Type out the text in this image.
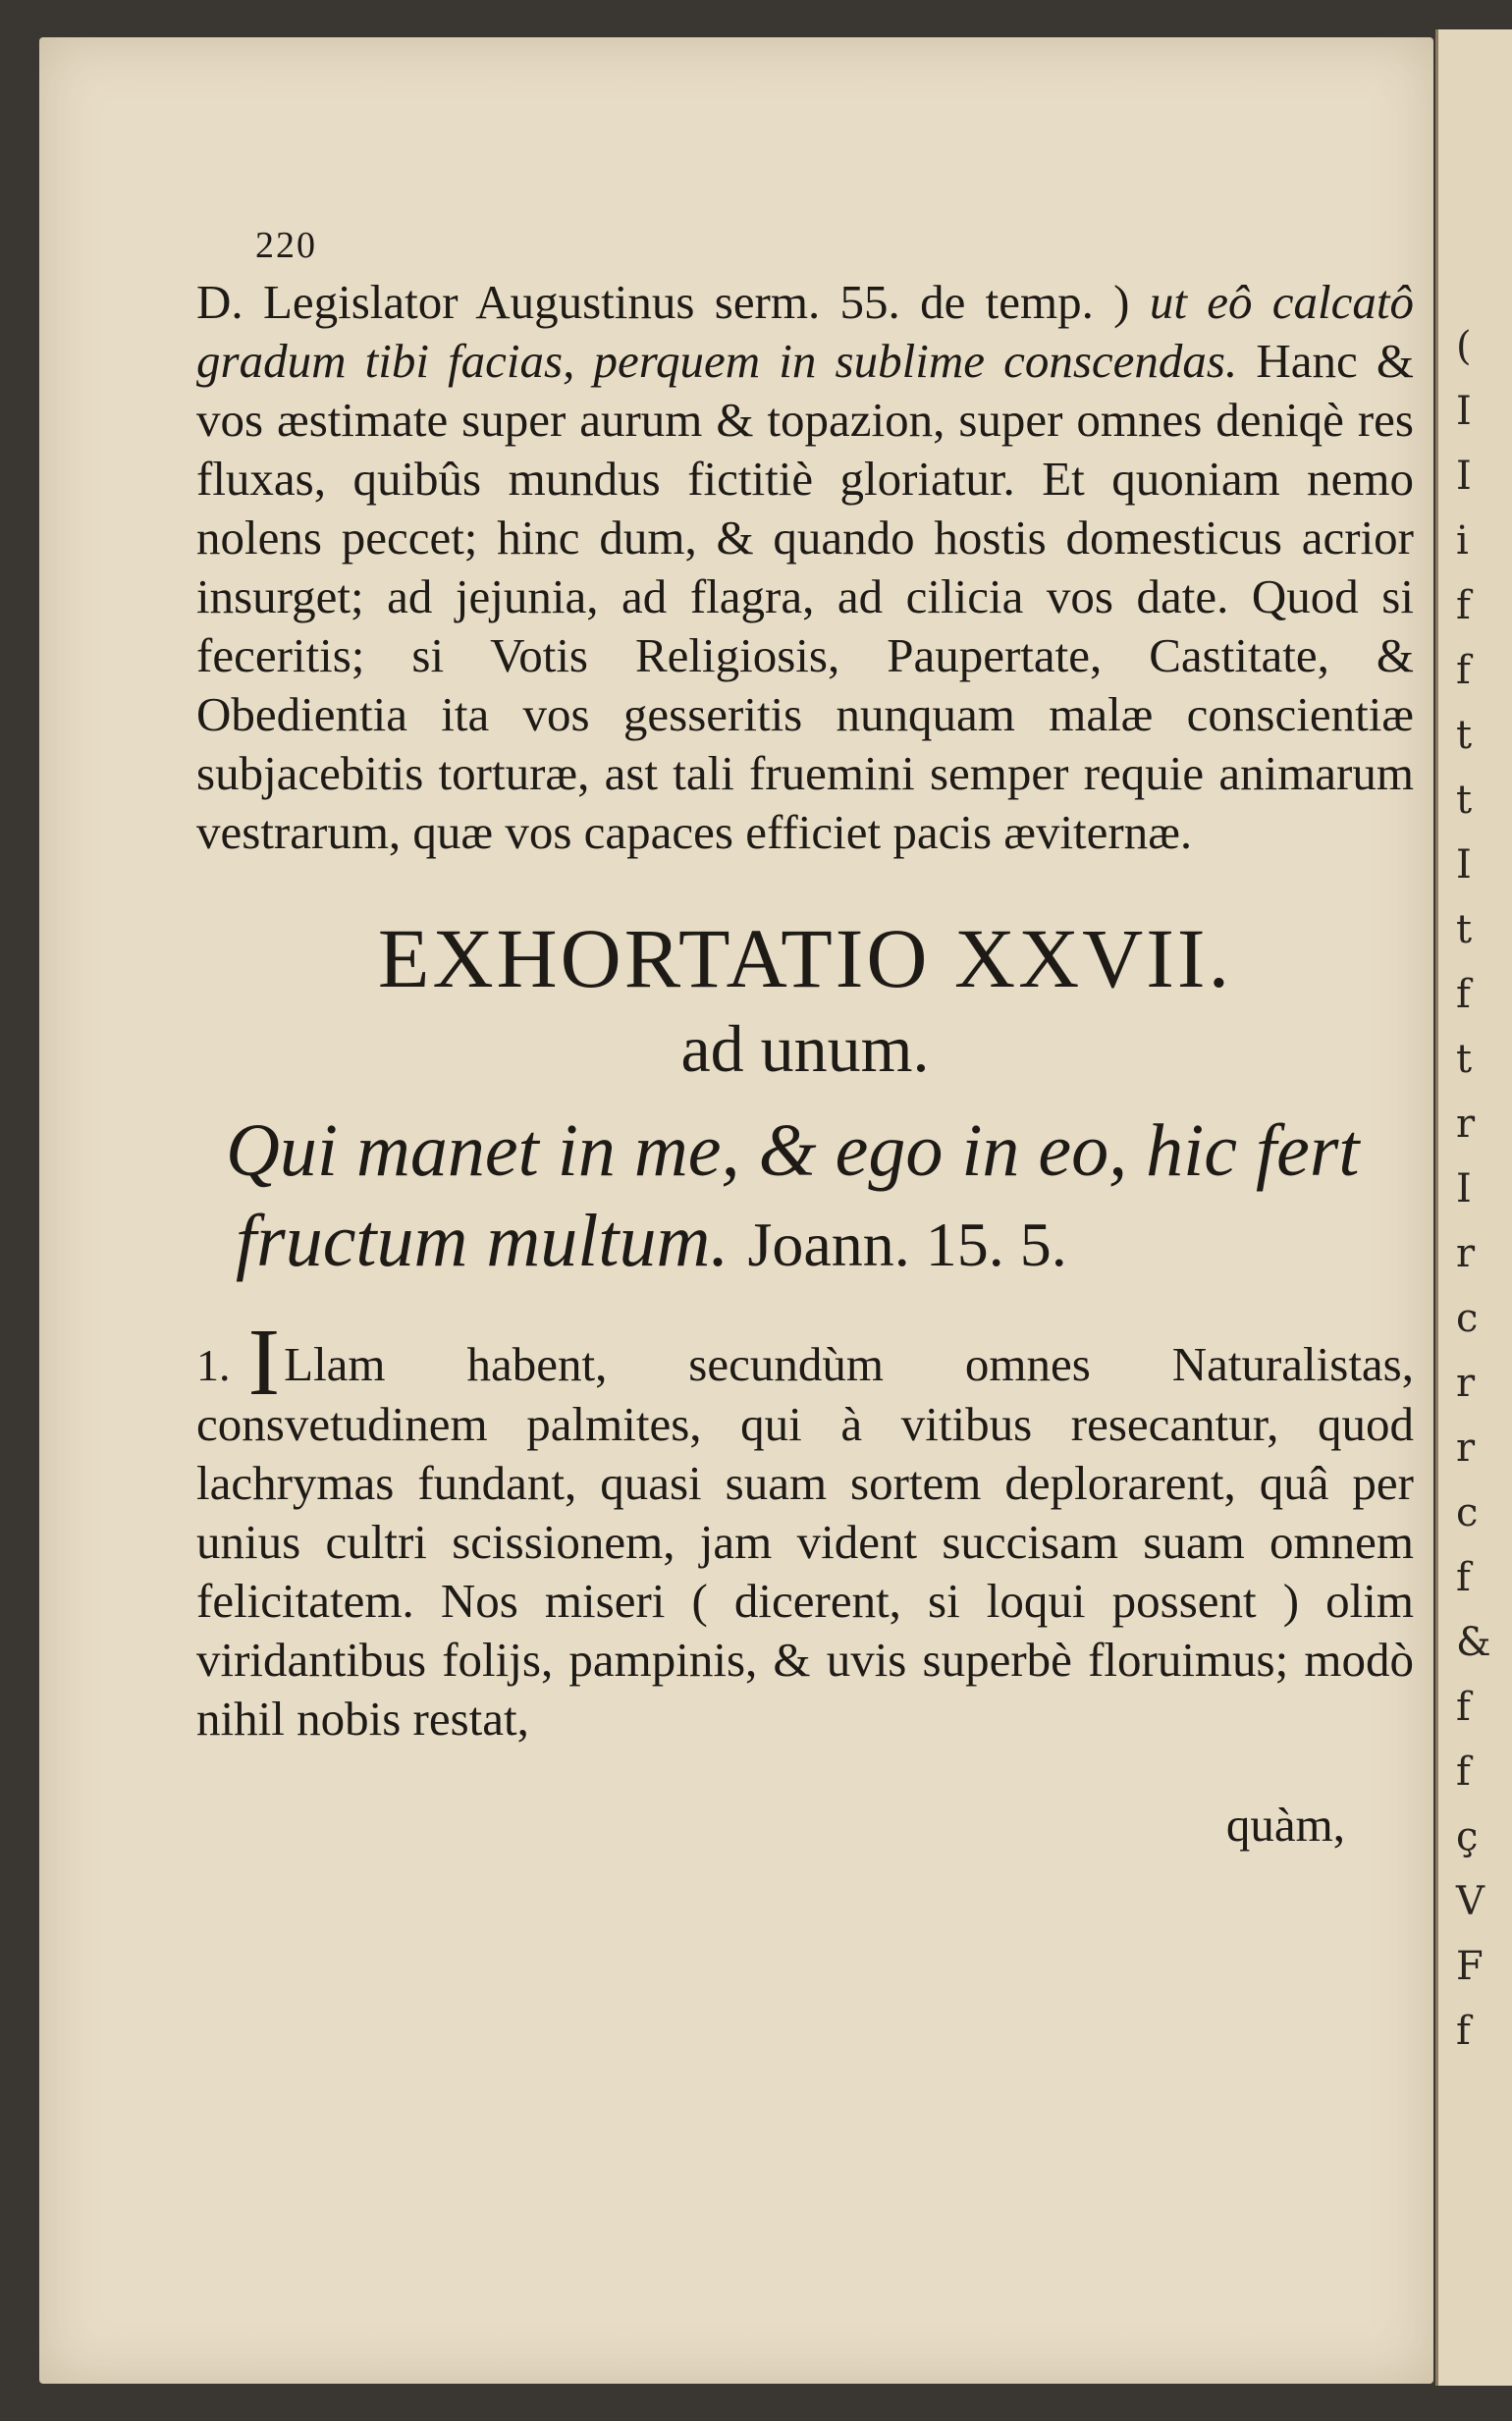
220

D. Legislator Augustinus serm. 55. de temp. ) ut eô calcatô gradum tibi facias, perquem in sublime conscendas. Hanc & vos æstimate super aurum & topazion, super omnes deniqè res fluxas, quibûs mundus fictitiè gloriatur. Et quoniam nemo nolens peccet; hinc dum, & quando hostis domesticus acrior insurget; ad jejunia, ad flagra, ad cilicia vos date. Quod si feceritis; si Votis Religiosis, Paupertate, Castitate, & Obedientia ita vos gesseritis nunquam malæ conscientiæ subjacebitis torturæ, ast tali fruemini semper requie animarum vestrarum, quæ vos capaces efficiet pacis æviternæ.

EXHORTATIO XXVII.
ad unum.
Qui manet in me, & ego in eo, hic fert fructum multum. Joann. 15. 5.

1. ILlam habent, secundùm omnes Naturalistas, consvetudinem palmites, qui à vitibus resecantur, quod lachrymas fundant, quasi suam sortem deplorarent, quâ per unius cultri scissionem, jam vident succisam suam omnem felicitatem. Nos miseri ( dicerent, si loqui possent ) olim viridantibus folijs, pampinis, & uvis superbè floruimus; modò nihil nobis restat,

quàm,
(
I
I
i
f
f
t
t
I
t
f
t
r
I
r
c
r
r
c
f
&
f
f
ç
V
F
f
